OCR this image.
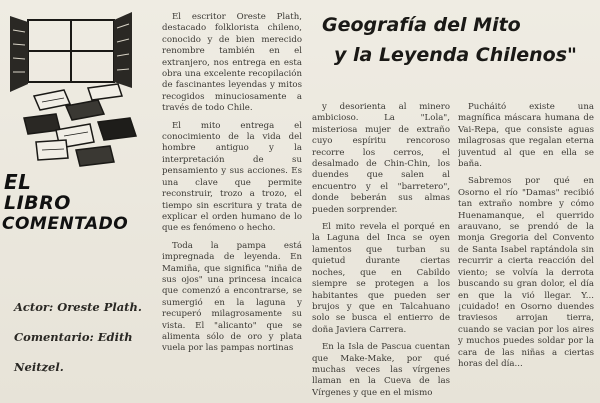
EL
LIBRO
COMENTADO
Actor: Oreste Plath.
Comentario: Edith
Neitzel.
Geografía del Mito
y la Leyenda Chilenos"

El escritor Oreste Plath, destacado folklorista chileno, conocido y de bien merecido renombre también en el extranjero, nos entrega en esta obra una excelente recopilación de fascinantes leyendas y mitos recogidos minuciosamente a través de todo Chile.

El mito entrega el conocimiento de la vida del hombre antiguo y la interpretación de su pensamiento y sus acciones. Es una clave que permite reconstruir, trozo a trozo, el tiempo sin escritura y trata de explicar el orden humano de lo que es fenómeno o hecho.

Toda la pampa está impregnada de leyenda. En Mamiña, que significa "niña de sus ojos" una princesa incaica que comenzó a encontrarse, se sumergió en la laguna y recuperó milagrosamente su vista. El "alicanto" que se alimenta sólo de oro y plata vuela por las pampas nortinas

y desorienta al minero ambicioso. La "Lola", misteriosa mujer de extraño cuyo espíritu rencoroso recorre los cerros, el desalmado de Chin-Chin, los duendes que salen al encuentro y el "barretero", donde beberán sus almas pueden sorprender.

El mito revela el porqué en la Laguna del Inca se oyen lamentos que turban su quietud durante ciertas noches, que en Cabildo siempre se protegen a los habitantes que pueden ser brujos y que en Talcahuano solo se busca el entierro de doña Javiera Carrera.

En la Isla de Pascua cuentan que Make-Make, por qué muchas veces las vírgenes llaman en la Cueva de las Vírgenes y que en el mismo

Pucháitó existe una magnífica máscara humana de Vai-Repa, que consiste aguas milagrosas que regalan eterna juventud al que en ella se baña.

Sabremos por qué en Osorno el río "Damas" recibió tan extraño nombre y cómo Huenamanque, el querrido arauvano, se prendó de la monja Gregoria del Convento de Santa Isabel raptándola sin recurrir a cierta reacción del viento; se volvía la derrota buscando su gran dolor, el día en que la vió llegar. Y... ¡cuidado! en Osorno duendes traviesos arrojan tierra, cuando se vacian por los aires y muchos puedes soldar por la cara de las niñas a ciertas horas del día...
